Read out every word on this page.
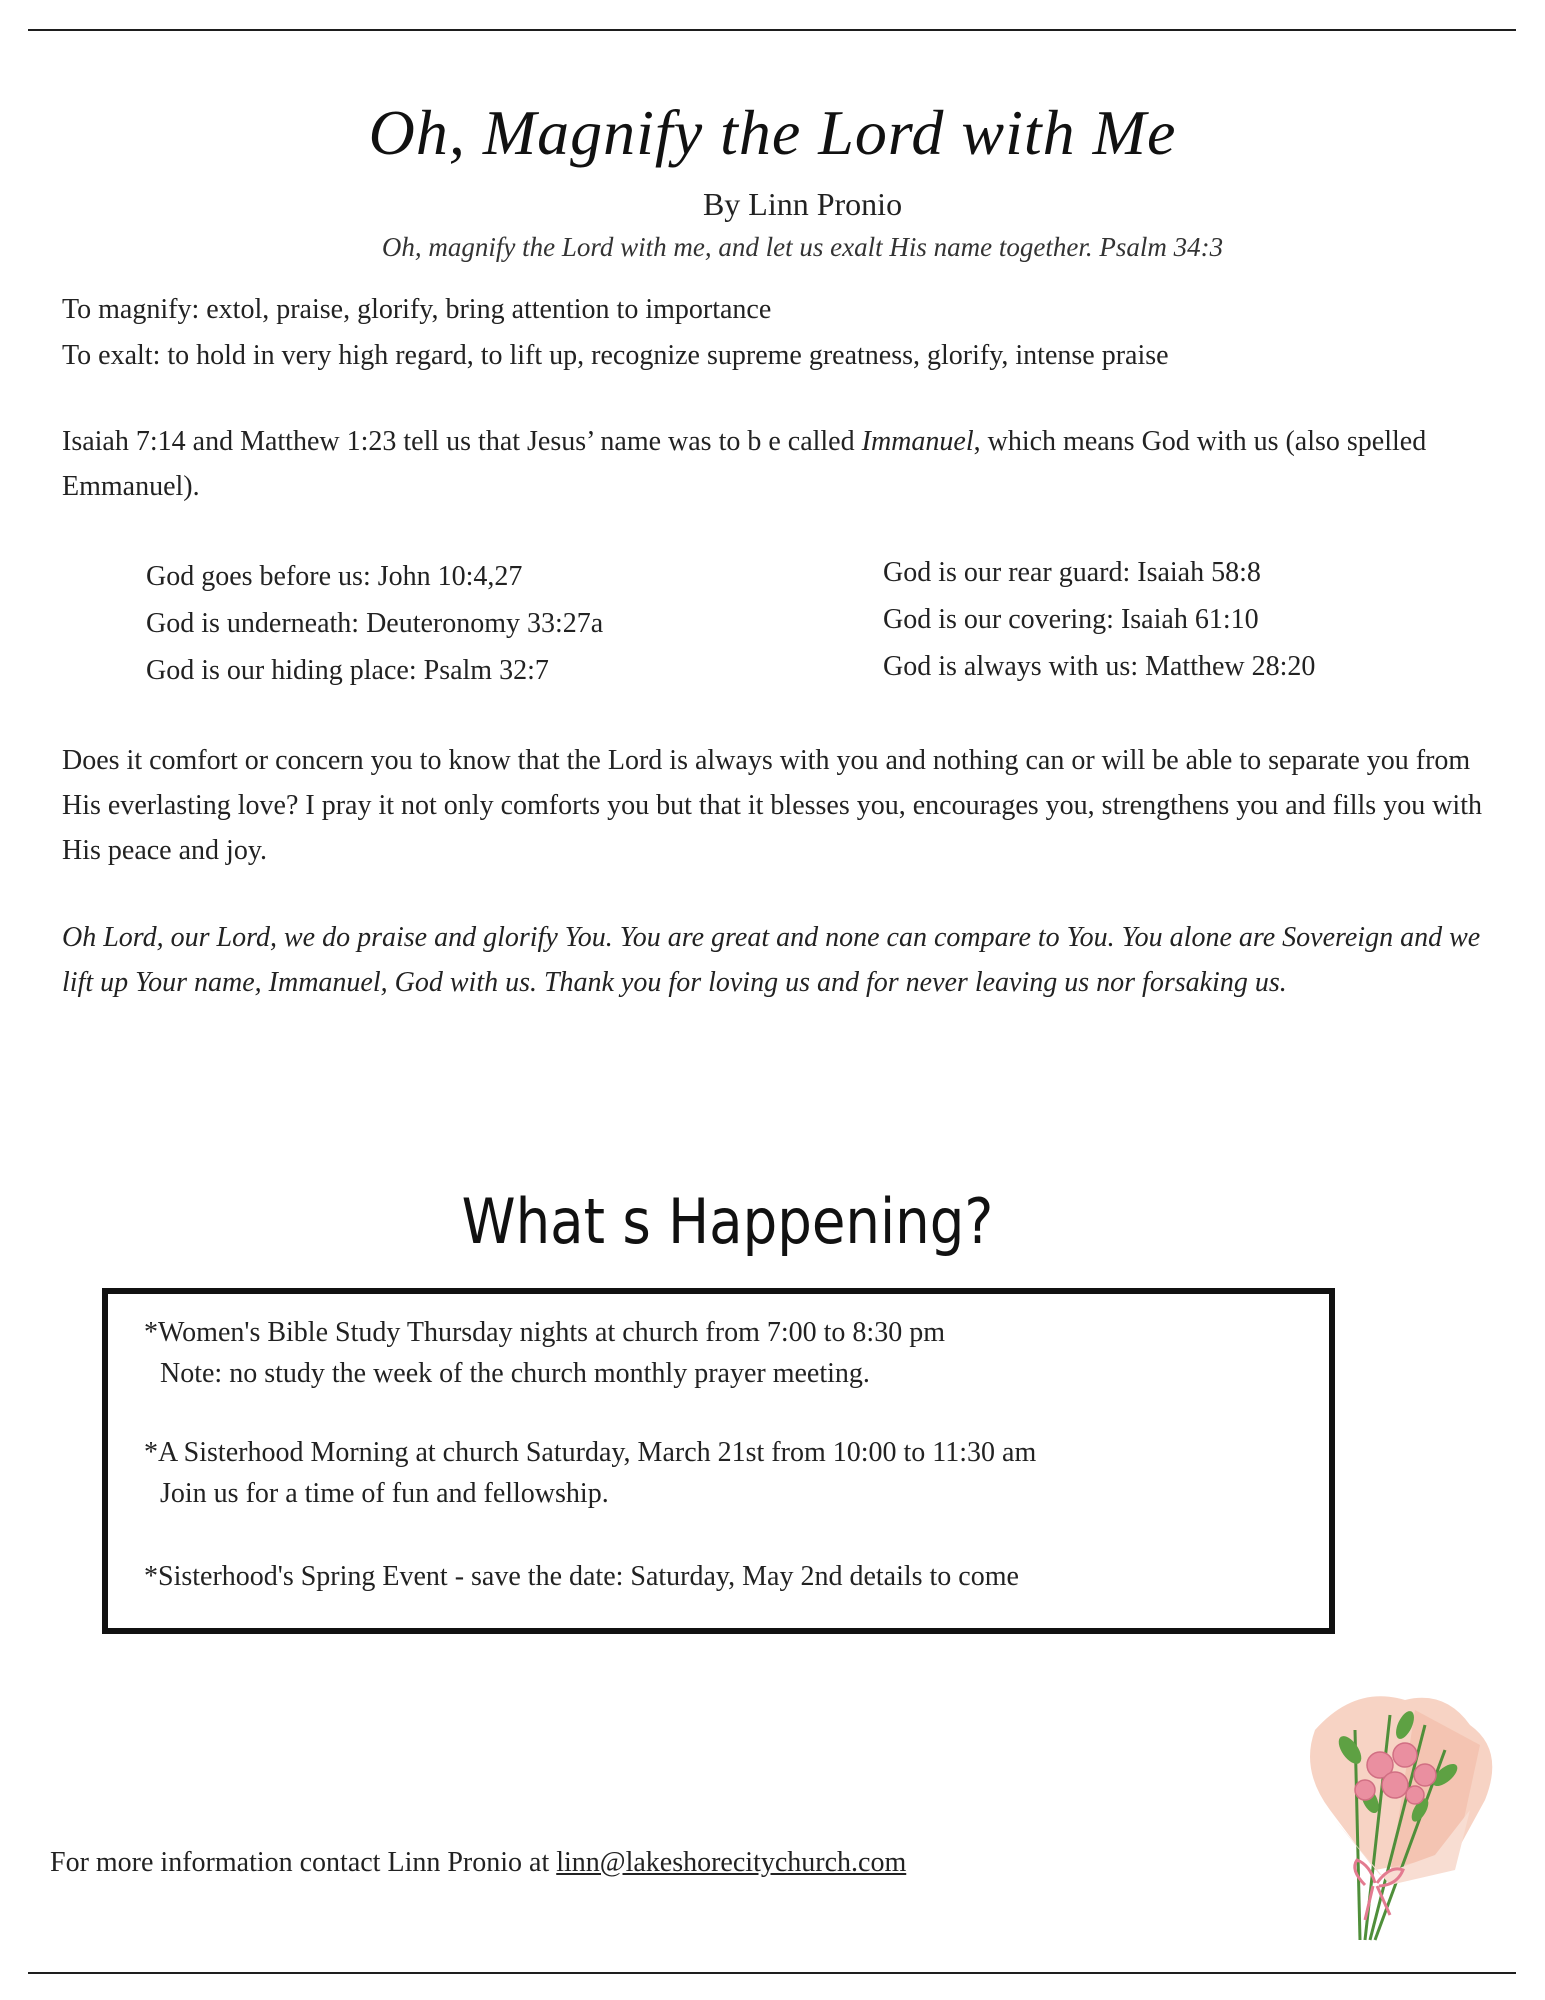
Oh, Magnify the Lord with Me
By Linn Pronio
Oh, magnify the Lord with me, and let us exalt His name together. Psalm 34:3
To magnify: extol, praise, glorify, bring attention to importance
To exalt: to hold in very high regard, to lift up, recognize supreme greatness, glorify, intense praise
Isaiah 7:14 and Matthew 1:23 tell us that Jesus’ name was to b e called Immanuel, which means God with us (also spelled Emmanuel).
God goes before us: John 10:4,27
God is underneath: Deuteronomy 33:27a
God is our hiding place: Psalm 32:7
God is our rear guard: Isaiah 58:8
God is our covering: Isaiah 61:10
God is always with us: Matthew 28:20
Does it comfort or concern you to know that the Lord is always with you and nothing can or will be able to separate you from His everlasting love? I pray it not only comforts you but that it blesses you, encourages you, strengthens you and fills you with His peace and joy.
Oh Lord, our Lord, we do praise and glorify You. You are great and none can compare to You. You alone are Sovereign and we lift up Your name, Immanuel, God with us. Thank you for loving us and for never leaving us nor forsaking us.
What s Happening?
*Women's Bible Study Thursday nights at church from 7:00 to 8:30 pm
Note: no study the week of the church monthly prayer meeting.
*A Sisterhood Morning at church Saturday, March 21st from 10:00 to 11:30 am
Join us for a time of fun and fellowship.
*Sisterhood's Spring Event - save the date: Saturday, May 2nd details to come
For more information contact Linn Pronio at linn@lakeshorecitychurch.com
